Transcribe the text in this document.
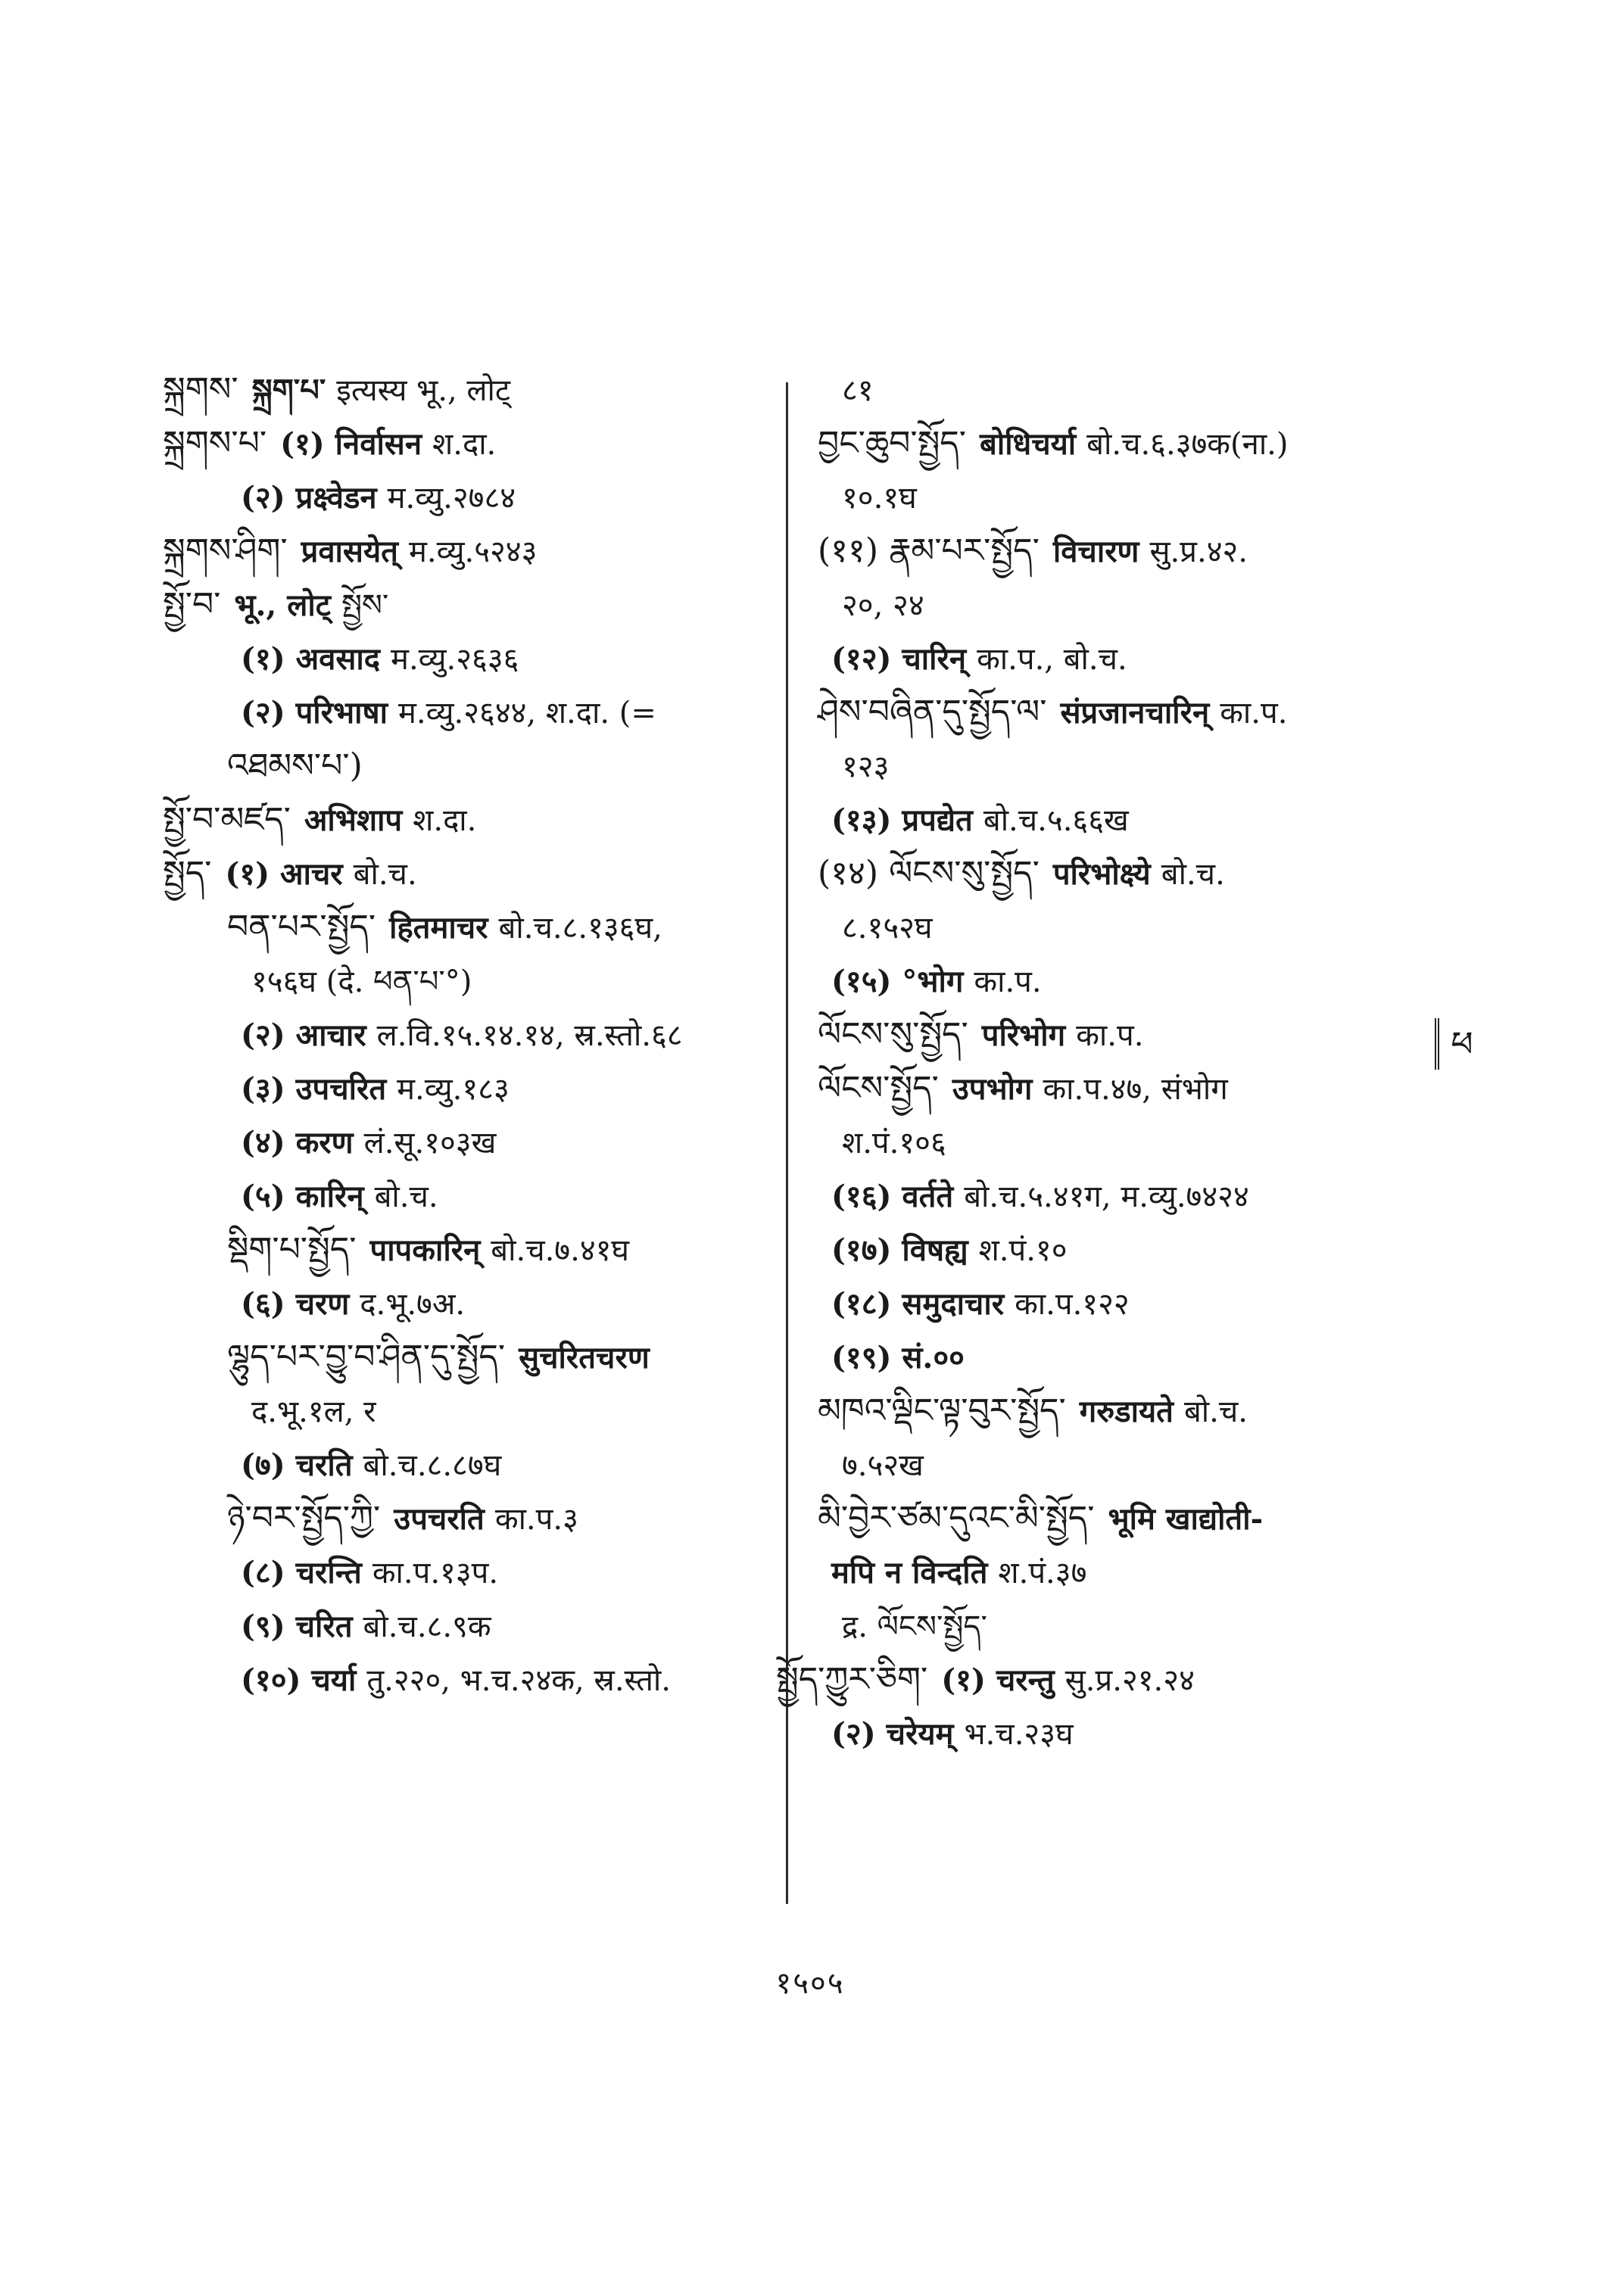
སྐྲགས་ སྐྲག་པ་ इत्यस्य भू., लोट्
སྐྲགས་པ་ (१) निर्वासन श.दा.
(२) प्रक्ष्वेडन म.व्यु.२७८४
སྐྲགས་ཤིག་ प्रवासयेत् म.व्यु.५२४३
སྤྱོ་བ་ भू., लोट् སྤྱོས་
(१) अवसाद म.व्यु.२६३६
(२) परिभाषा म.व्यु.२६४४, श.दा. (=
འཐམས་པ་)
སྤྱོ་བ་མཛད་ अभिशाप श.दा.
སྤྱོད་ (१) आचर बो.च.
བན་པར་སྤྱོད་ हितमाचर बो.च.८.१३६घ,
१५६घ (दे. ཕན་པ་°)
(२) आचार ल.वि.१५.१४.१४, स्र.स्तो.६८
(३) उपचरित म.व्यु.१८३
(४) करण लं.सू.१०३ख
(५) कारिन् बो.च.
སྡིག་པ་སྤྱོད་ पापकारिन् बो.च.७.४१घ
(६) चरण द.भू.७अ.
ལྷུད་པར་བྱུ་བ་ཤིན་དུ་སྤྱོད་ सुचरितचरण
द.भू.१ल, र
(७) चरति बो.च.८.८७घ
ཉེ་བར་སྤྱོད་ཀྱི་ उपचरति का.प.३
(८) चरन्ति का.प.१३प.
(९) चरित बो.च.८.९क
(१०) चर्या तु.२२०, भ.च.२४क, स्र.स्तो.
८१
བྱང་ཆུབ་སྤྱོད་ बोधिचर्या बो.च.६.३७क(ना.)
१०.१घ
(११) རྣམ་པར་སྤྱོད་ विचारण सु.प्र.४२.
२०, २४
(१२) चारिन् का.प., बो.च.
ཤེས་བཞིན་དུ་སྤྱོད་ལ་ संप्रजानचारिन् का.प.
१२३
(१३) प्रपद्येत बो.च.५.६६ख
(१४) ལོངས་སུ་སྤྱོད་ परिभोक्ष्ये बो.च.
८.१५२घ
(१५) °भोग का.प.
ལོངས་སུ་སྤྱོད་ परिभोग का.प.
ལོངས་སྤྱོད་ उपभोग का.प.४७, संभोग
श.पं.१०६
(१६) वर्तते बो.च.५.४१ग, म.व्यु.७४२४
(१७) विषह्य श.पं.१०
(१८) समुदाचार का.प.१२२
(१९) सं.००
མཁའ་ལྡིང་ལྟ་བུར་སྤྱོད་ गरुडायते बो.च.
७.५२ख
མི་བྱེར་ཙམ་དུའང་མི་སྤྱོད་ भूमि खाद्योती-
मपि न विन्दति श.पं.३७
द्र. ལོངས་སྤྱོད་
སྤྱོད་ཀྱུར་ཅིག་ (१) चरन्तु सु.प्र.२१.२४
(२) चरेयम् भ.च.२३घ
ཕ
१५०५
